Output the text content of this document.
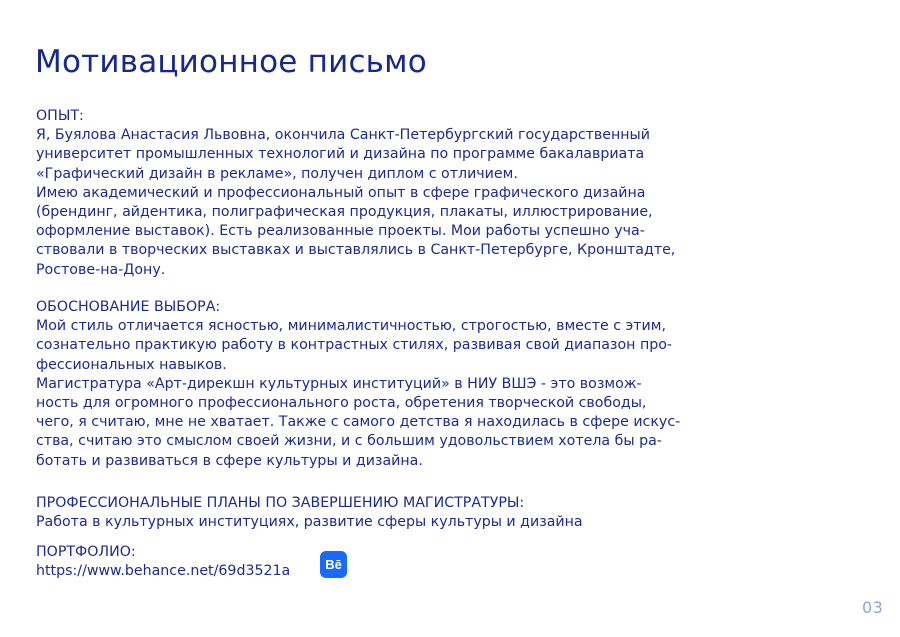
Мотивационное письмо
ОПЫТ:
Я, Буялова Анастасия Львовна, окончила Санкт-Петербургский государственный
университет промышленных технологий и дизайна по программе бакалавриата
«Графический дизайн в рекламе», получен диплом с отличием.
Имею академический и профессиональный опыт в сфере графического дизайна
(брендинг, айдентика, полиграфическая продукция, плакаты, иллюстрирование,
оформление выставок). Есть реализованные проекты. Мои работы успешно уча-
ствовали в творческих выставках и выставлялись в Санкт-Петербурге, Кронштадте,
Ростове-на-Дону.
ОБОСНОВАНИЕ ВЫБОРА:
Мой стиль отличается ясностью, минималистичностью, строгостью, вместе с этим,
сознательно практикую работу в контрастных стилях, развивая свой диапазон про-
фессиональных навыков.
Магистратура «Арт-дирекшн культурных институций» в НИУ ВШЭ - это возмож-
ность для огромного профессионального роста, обретения творческой свободы,
чего, я считаю, мне не хватает. Также с самого детства я находилась в сфере искус-
ства, считаю это смыслом своей жизни, и с большим удовольствием хотела бы ра-
ботать и развиваться в сфере культуры и дизайна.
ПРОФЕССИОНАЛЬНЫЕ ПЛАНЫ ПО ЗАВЕРШЕНИЮ МАГИСТРАТУРЫ:
Работа в культурных институциях, развитие сферы культуры и дизайна
ПОРТФОЛИО:
https://www.behance.net/69d3521a	Bē
03
